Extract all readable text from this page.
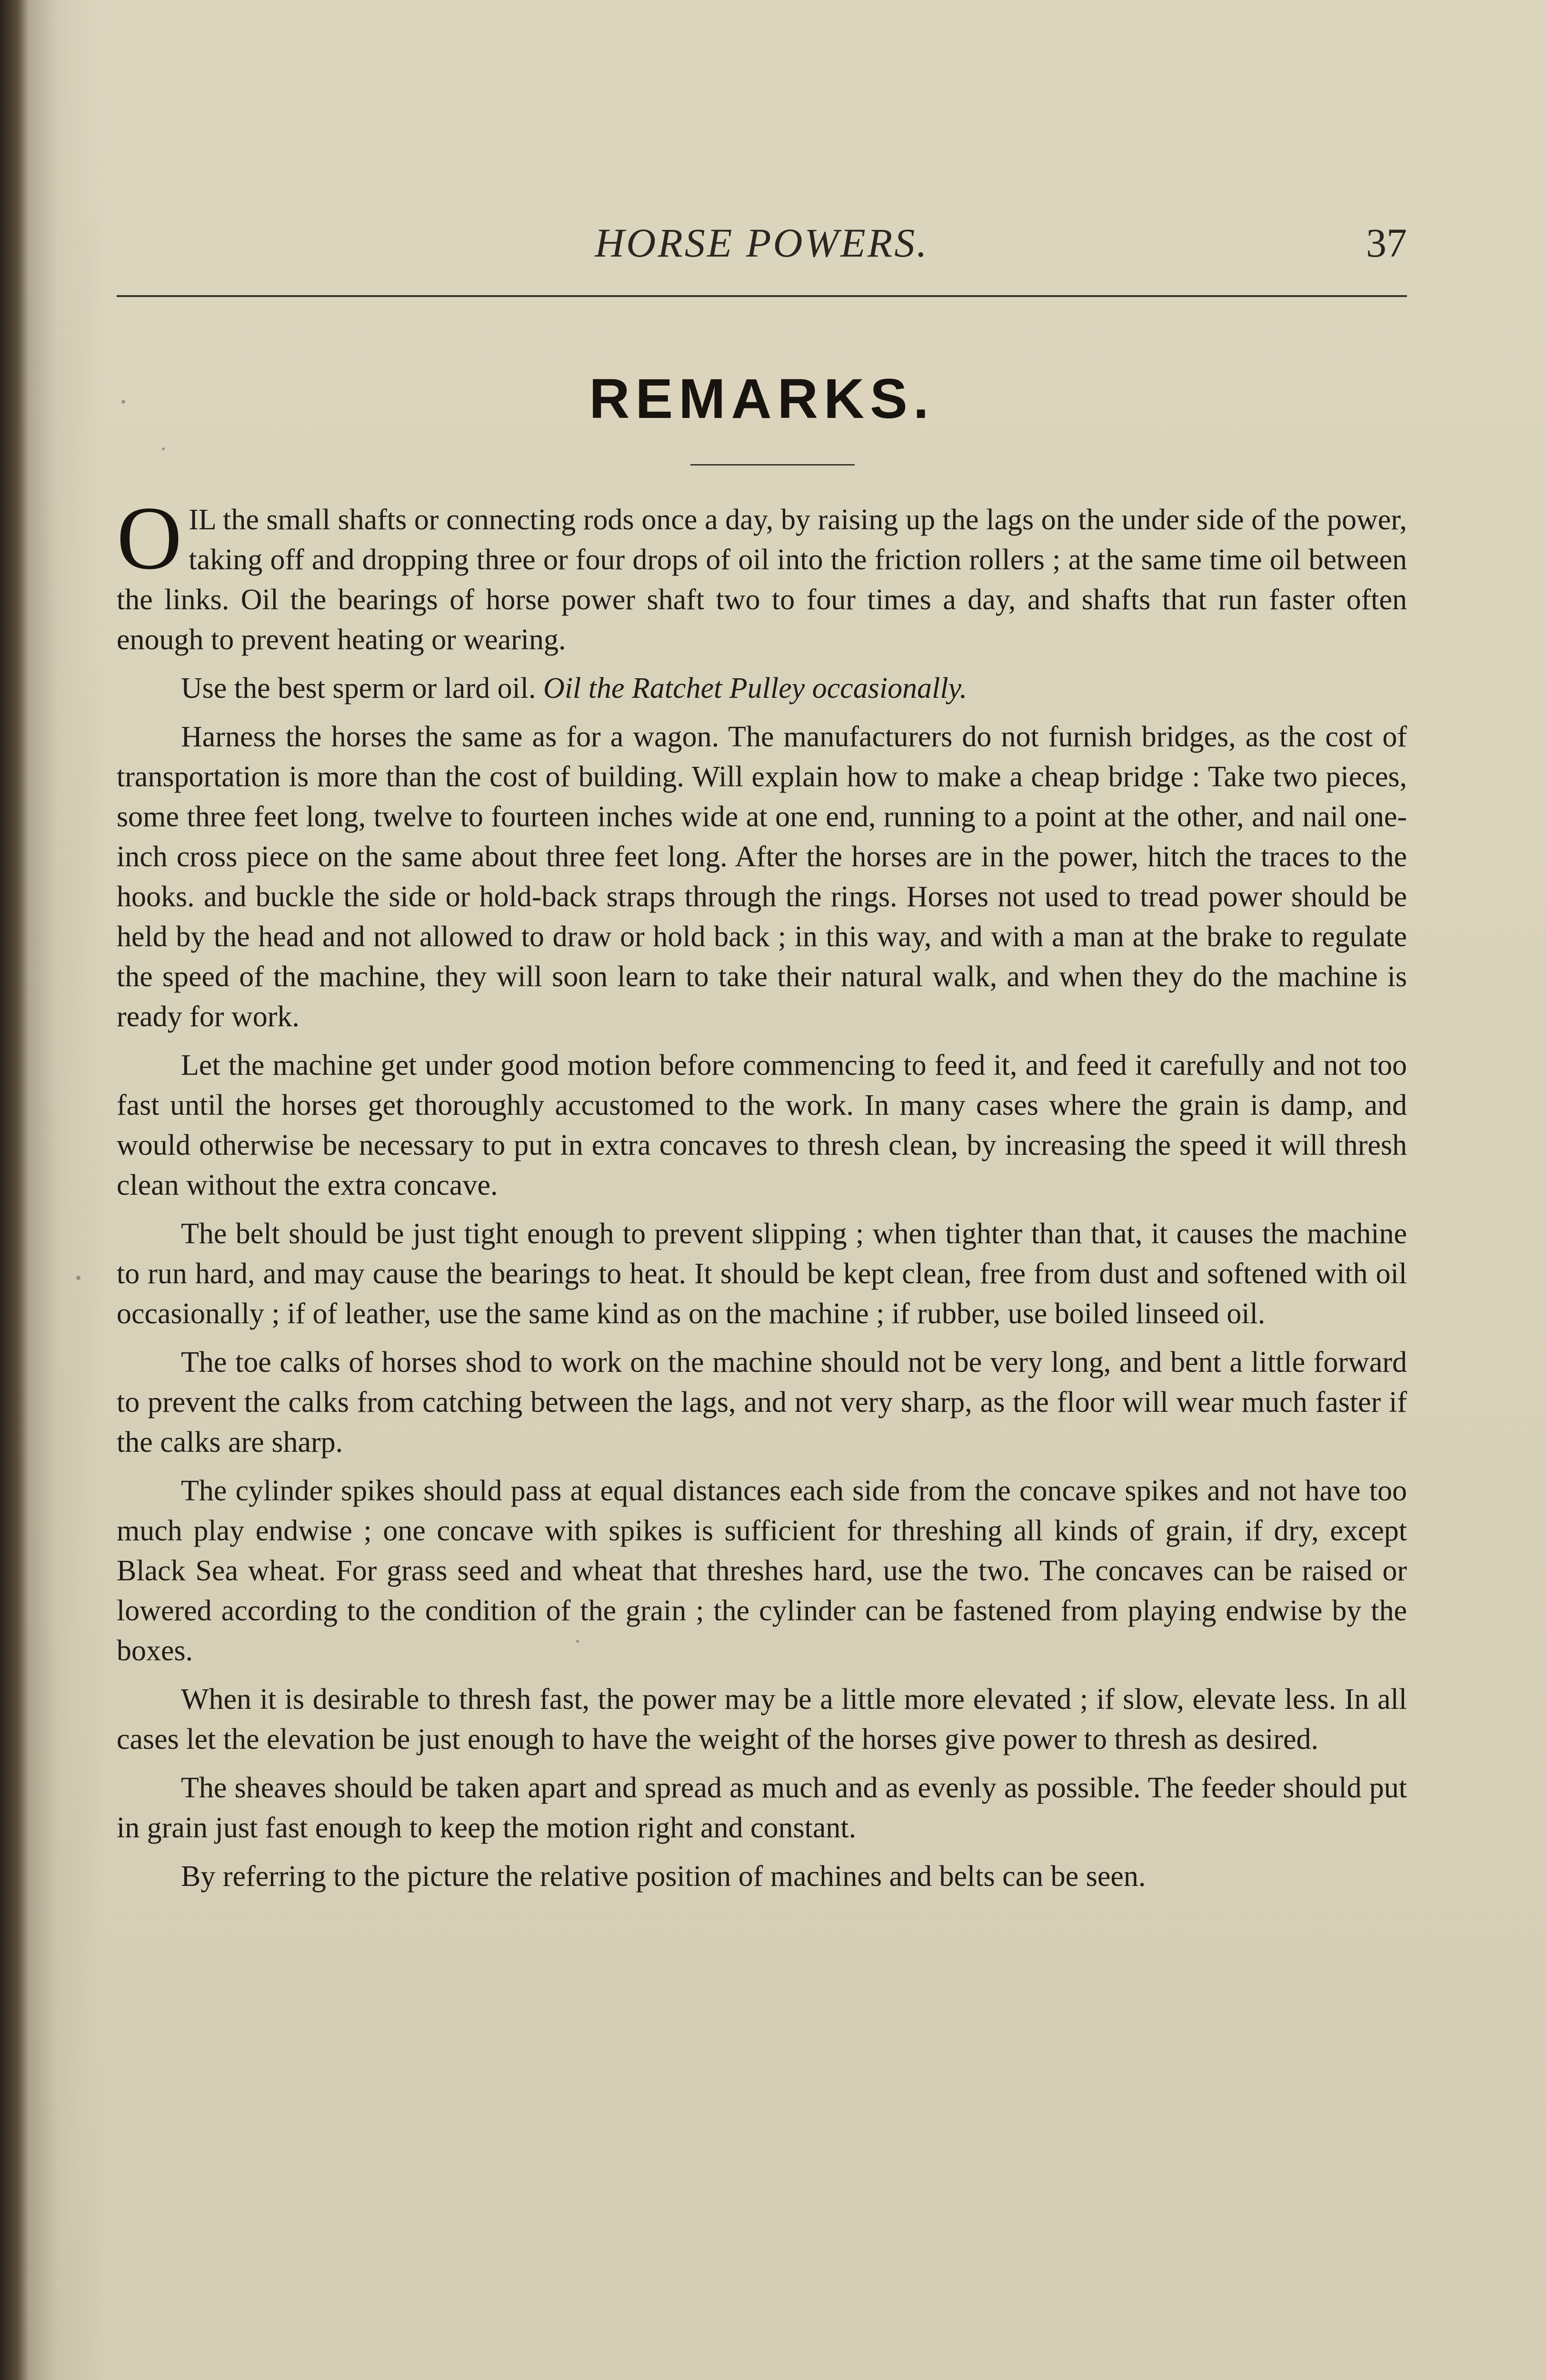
HORSE POWERS.	37
REMARKS.

OIL the small shafts or connecting rods once a day, by raising up the lags on the under side of the power, taking off and dropping three or four drops of oil into the friction rollers ; at the same time oil between the links. Oil the bearings of horse power shaft two to four times a day, and shafts that run faster often enough to prevent heating or wearing.

Use the best sperm or lard oil. Oil the Ratchet Pulley occasionally.

Harness the horses the same as for a wagon. The manufacturers do not furnish bridges, as the cost of transportation is more than the cost of building. Will explain how to make a cheap bridge : Take two pieces, some three feet long, twelve to fourteen inches wide at one end, running to a point at the other, and nail one-inch cross piece on the same about three feet long. After the horses are in the power, hitch the traces to the hooks. and buckle the side or hold-back straps through the rings. Horses not used to tread power should be held by the head and not allowed to draw or hold back ; in this way, and with a man at the brake to regulate the speed of the machine, they will soon learn to take their natural walk, and when they do the machine is ready for work.

Let the machine get under good motion before commencing to feed it, and feed it carefully and not too fast until the horses get thoroughly accustomed to the work. In many cases where the grain is damp, and would otherwise be necessary to put in extra concaves to thresh clean, by increasing the speed it will thresh clean without the extra concave.

The belt should be just tight enough to prevent slipping ; when tighter than that, it causes the machine to run hard, and may cause the bearings to heat. It should be kept clean, free from dust and softened with oil occasionally ; if of leather, use the same kind as on the machine ; if rubber, use boiled linseed oil.

The toe calks of horses shod to work on the machine should not be very long, and bent a little forward to prevent the calks from catching between the lags, and not very sharp, as the floor will wear much faster if the calks are sharp.

The cylinder spikes should pass at equal distances each side from the concave spikes and not have too much play endwise ; one concave with spikes is sufficient for threshing all kinds of grain, if dry, except Black Sea wheat. For grass seed and wheat that threshes hard, use the two. The concaves can be raised or lowered according to the condition of the grain ; the cylinder can be fastened from playing endwise by the boxes.

When it is desirable to thresh fast, the power may be a little more elevated ; if slow, elevate less. In all cases let the elevation be just enough to have the weight of the horses give power to thresh as desired.

The sheaves should be taken apart and spread as much and as evenly as possible. The feeder should put in grain just fast enough to keep the motion right and constant.

By referring to the picture the relative position of machines and belts can be seen.
